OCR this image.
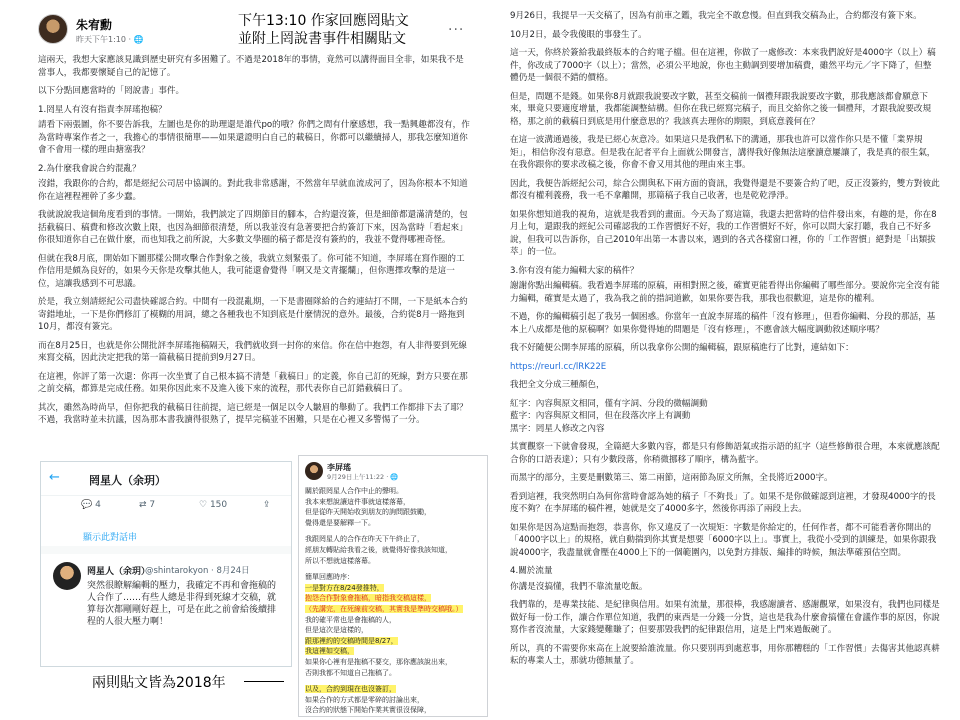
朱宥勳
昨天下午1:10 · 🌐
···
下午13:10 作家回應罔貼文
並附上罔說書事件相關貼文
這兩天，我想大家應該見識到歷史研究有多困難了。不過是2018年的事情，竟然可以講得面目全非，如果我不是當事人，我都要懷疑自己的記憶了。
以下分點回應當時的「罔說書」事件。
1.罔星人有沒有指責李屏瑤抱稿？
請看下兩張圖，你不要告訴我，左圖也是你的助理還是誰代po的哦？你們之間有什麼感想，我一點興趣都沒有，作為當時專案作者之一，我擔心的事情很簡單——如果還證明白自己的載稿日，你都可以繼續掃人，那我怎麼知道你會不會用一樣的理由搪塞我？
2.為什麼我會說合約混亂？
沒錯，我跟你的合約，都是經紀公司居中協調的。對此我非常感謝，不然當年早就血流成河了，因為你根本不知道你在這裡程裡幹了多少蠢。
我就說說我這個角度看到的事情。一開始，我們談定了四期節目的腳本，合約還沒簽，但是細節都還滿清楚的，包括截稿日、稿費和修改次數上限，也因為細節很清楚，所以我並沒有急著要把合約簽訂下來，因為當時「看起來」你很知道你自己在做什麼，而也知我之前所說，大多數文學圈的稿子都是沒有簽約的，我並不覺得哪裡奇怪。
但就在我8月底，開始如下圖那樣公開攻擊合作對象之後，我就立刻緊張了。你可能不知道，李屏瑤在寫作圈的工作信用是頗為良好的，如果今天你是攻擊其他人，我可能還會覺得「啊又是文青擺爛」，但你選擇攻擊的是這一位，這讓我感到不可思議。
於是，我立刻請經紀公司盡快確認合約。中間有一段混亂期，一下是書圈隊給的合約連結打不開，一下是紙本合約寄錯地址，一下是你們修訂了模糊的用詞，總之各種我也不知到底是什麼情況的意外。最後，合約從8月一路拖到10月，都沒有簽完。
而在8月25日，也就是你公開批評李屏瑤拖稿隔天，我們就收到一封你的來信。你在信中抱怨，有人非得要到死線來寫交稿，因此決定把我的第一篇截稿日提前到9月27日。
在這裡，你評了第一次還：你再一次坐實了自己根本搞不清楚「截稿日」的定義，你自己訂的死線，對方只要在那之前交稿，都算是完成任務。如果你因此來不及進入後下來的流程，那代表你自己訂錯截稿日了。
其次，雖然為時尚早，但你把我的截稿日往前提，這已經是一個足以令人皺眉的舉動了。我們工作都排下去了耶？不過，我當時並未抗議，因為那本書我讀得很熟了，提早完稿並不困難，只是在心裡又多警惕了一分。
9月26日，我提早一天交稿了，因為有前車之鑑，我完全不敢怠慢。但直到我交稿為止，合約都沒有簽下來。
10月2日，最令我傻眼的事發生了。
這一天，你終於簽給我最終版本的合約電子檔。但在這裡，你做了一處修改：本來我們說好是4000字（以上）稿件，你改成了7000字（以上）；當然，必須公平地說，你也主動調到要增加稿費，雖然平均元／字下降了，但整體仍是一個很不錯的價格。
但是，問題不是錢。如果你8月就跟我說要改字數，甚至交稿前一個禮拜跟我說要改字數，那我應該都會願意下來，畢竟只要適度增量，我都能調整結構。但你在我已經寫完稿子，而且交給你之後一個禮拜，才跟我說要改規格，那之前的截稿日到底是用什麼意思的？我該真去理你的期限，到底意義何在？
在這一波溝通過後，我是已經心灰意冷。如果這只是我們私下的溝通，那我也許可以當作你只是不懂「業界規矩」，相信你沒有惡意。但是我在記者平台上面就公開發言，講得我好像無法這麼讀意屢讓了，我是真的很生氣，在我你跟你的要求改稿之後，你會不會又用其他的理由來主事。
因此，我便告訴經紀公司，綜合公開與私下兩方面的資訊，我覺得還是不要簽合約了吧，反正沒簽約，雙方對彼此都沒有權利義務，我一毛不拿離開，那篇稿子我自己收著，也是乾乾淨淨。
如果你想知道我的視角，這就是我看到的畫面。今天為了寫這篇，我還去把當時的信件發出來，有趣的是，你在8月上旬，還跟我的經紀公司確認我的工作習慣好不好，我的工作習慣好不好，你可以問大家打聽，我自己不好多說，但我可以告訴你，自己2010年出第一本書以來，遇到的各式各樣窗口裡，你的「工作習慣」絕對是「出類拔萃」的一位。
3.你有沒有能力編輯大家的稿件？
謝謝你點出編輯稿。我看過李屏瑤的原稿，兩相對照之後，確實更能看得出你編輯了哪些部分。要說你完全沒有能力編輯，確實是太過了，我為我之前的措詞道歉，如果你要告我，那我也很歡迎，這是你的權利。
不過，你的編輯稿引起了我另一個困惑。你當年一直說李屏瑤的稿件「沒有修理」，但看你編輯、分段的那話，基本上八成都是他的原稿啊？如果你覺得她的問題是「沒有修理」，不應會該大幅度調動敘述順序嗎？
我不好隨便公開李屏瑤的原稿，所以我拿你公開的編輯稿，跟原稿進行了比對，連結如下：
https://reurl.cc/lRK22E
我把全文分成三種顏色，
紅字：內容與原文相同，僅有字詞、分段的微幅調動
藍字：內容與原文相同，但在段落次序上有調動
黑字：罔星人修改之內容
其實觀察一下就會發現，全篇絕大多數內容，都是只有修飾語氣或指示語的紅字（這些修飾很合理，本來就應該配合你的口語表達）；只有少數段落，你稍微挪移了順序，構為藍字。
而黑字的部分，主要是刪數第三、第二兩節，這兩節為原文所無，全長將近2000字。
看到這裡，我突然明白為何你當時會認為她的稿子「不夠長」了。如果不是你做確認到這裡，才發現4000字的長度不夠？在李屏瑤的稿件裡，她就是交了4000多字，然後你再添了兩段上去。
如果你是因為這點而抱怨，恭喜你，你又違反了一次規矩：字數是你給定的，任何作者，都不可能看著你開出的「4000字以上」的規格，就自動揣到你其實是想要「6000字以上」。事實上，我從小受到的訓練是，如果你跟我說4000字，我盡量就會壓在4000上下的一個範圍內，以免對方排版、編排的時候，無法準確預估空間。
4.關於流量
你講是沒搞懂，我們不靠流量吃飯。
我們靠的，是專業技能、是紀律與信用。如果有流量，那很棒，我感謝讀者、感謝觀眾，如果沒有，我們也同樣是做好每一份工作，讓合作單位知道，我們的東西是一分錢一分貨，這也是我為什麼會搞懂在會議作事的原因，你說寫作者沒流量，大家錢變難賺了；但要那毀我們的紀律跟信用，這是上門來過飯碗了。
所以，真的不需要你來高在上說要給誰流量。你只要別再到處惹事，用你那糟糕的「工作習慣」去傷害其他認真耕耘的專業人士，那就功德無量了。
←	罔星人（余玥）
💬 4	⇄ 7	♡ 150	⇪
顯示此對話串
罔星人（余玥）
@shintarokyon · 8月24日
突然很瞭解編輯的壓力，我確定不再和會拖稿的人合作了……有些人總是非得到死線才交稿，就算每次都剛剛好趕上，可是在此之前會給後續排程的人很大壓力啊！
兩則貼文皆為2018年
李屏瑤
9月29日上午11:22 · 🌐
關於跟罔星人合作中止的聲明。
我本來想說讓這件事就這樣落幕，
但是從昨天開始收到朋友的詢問跟鼓勵，
覺得還是要解釋一下。
我跟罔星人的合作在昨天下午終止了，
經朋友轉貼給我看之後，就覺得好像我該知道，
所以不想就這樣落幕。
簡單回應時序：
一是對方在8/24發推特，
抱怨合作對象會拖稿，暗指我交稿這樣，
（先講完，在死線前交稿，其實我是準時交稿哦。）
我的確平常也是會拖稿的人，
但是這次是這樣的，
跟那裡約的交稿時間是8/27，
我這裡如交稿，
如果你心裡有是拖稿不要交，那你應該說出來，
否則我都不知道自己拖稿了。
以及，合約到現在也沒簽訂，
如果合作的方式都是零碎的討論出來，
沒合約的狀態下開始作業其實很沒保障，
